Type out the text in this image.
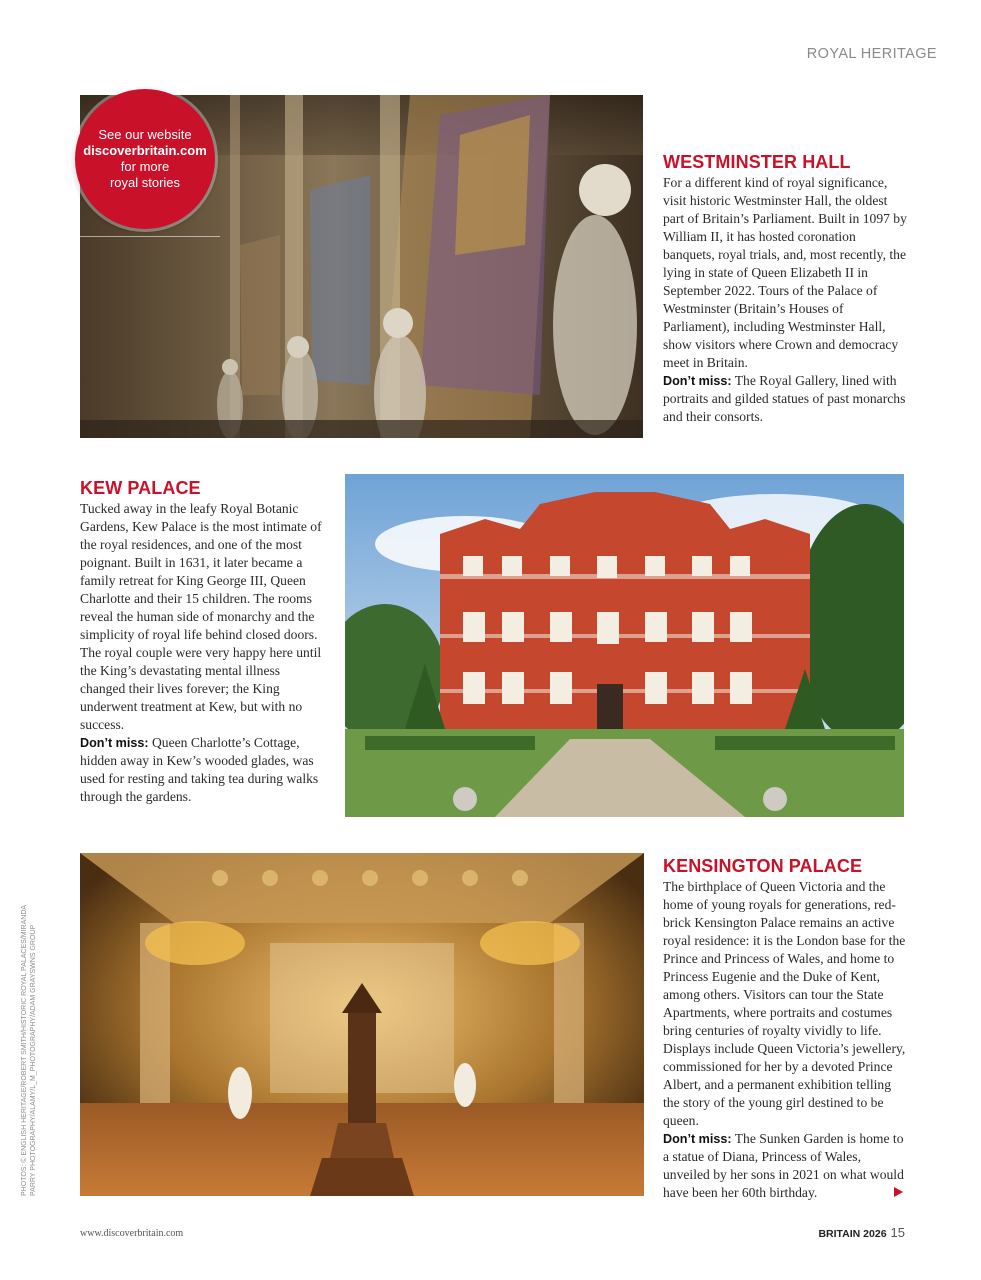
ROYAL HERITAGE
See our website
discoverbritain.com
for more
royal stories
WESTMINSTER HALL

For a different kind of royal significance, visit historic Westminster Hall, the oldest part of Britain’s Parliament. Built in 1097 by William II, it has hosted coronation banquets, royal trials, and, most recently, the lying in state of Queen Elizabeth II in September 2022. Tours of the Palace of Westminster (Britain’s Houses of Parliament), including Westminster Hall, show visitors where Crown and democracy meet in Britain.
Don’t miss: The Royal Gallery, lined with portraits and gilded statues of past monarchs and their consorts.

KEW PALACE

Tucked away in the leafy Royal Botanic Gardens, Kew Palace is the most intimate of the royal residences, and one of the most poignant. Built in 1631, it later became a family retreat for King George III, Queen Charlotte and their 15 children. The rooms reveal the human side of monarchy and the simplicity of royal life behind closed doors. The royal couple were very happy here until the King’s devastating mental illness changed their lives forever; the King underwent treatment at Kew, but with no success.
Don’t miss: Queen Charlotte’s Cottage, hidden away in Kew’s wooded glades, was used for resting and taking tea during walks through the gardens.

KENSINGTON PALACE

The birthplace of Queen Victoria and the home of young royals for generations, red-brick Kensington Palace remains an active royal residence: it is the London base for the Prince and Princess of Wales, and home to Princess Eugenie and the Duke of Kent, among others. Visitors can tour the State Apartments, where portraits and costumes bring centuries of royalty vividly to life. Displays include Queen Victoria’s jewellery, commissioned for her by a devoted Prince Albert, and a permanent exhibition telling the story of the young girl destined to be queen.
Don’t miss: The Sunken Garden is home to a statue of Diana, Princess of Wales, unveiled by her sons in 2021 on what would have been her 60th birthday.

PHOTOS: © ENGLISH HERITAGE/ROBERT SMITH/HISTORIC ROYAL PALACES/MIRANDA PARRY PHOTOGRAPHY/ALAMY/L_M_PHOTOGRAPHY/ADAM GRAYSWNS GROUP
www.discoverbritain.com	BRITAIN 2026 15
